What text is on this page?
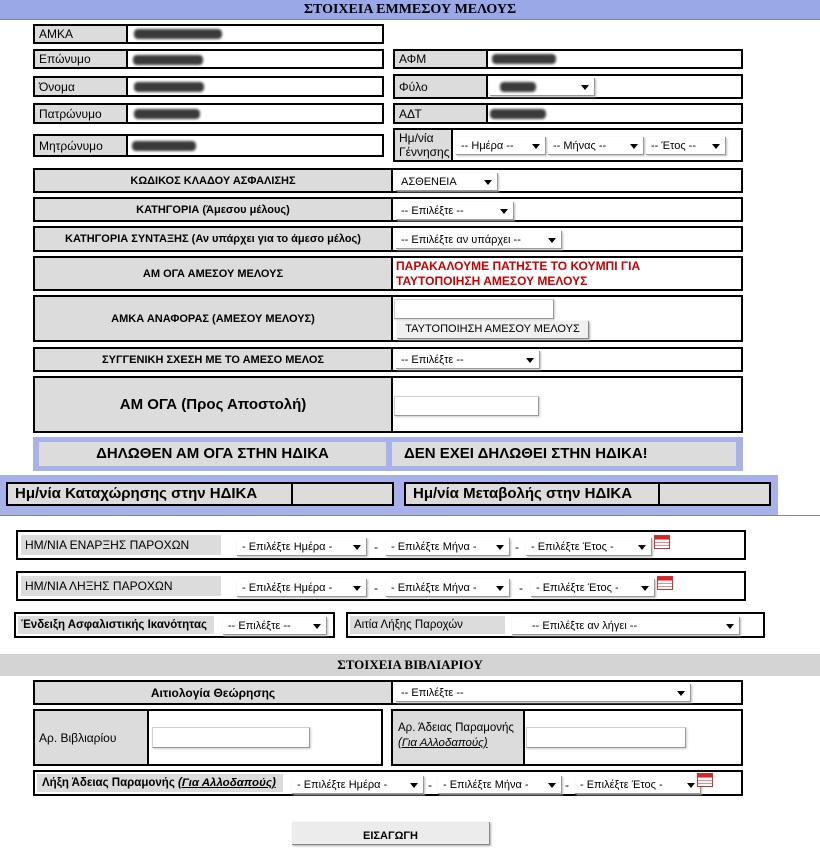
ΣΤΟΙΧΕΙΑ ΕΜΜΕΣΟΥ ΜΕΛΟΥΣ
ΑΜΚΑ
Επώνυμο	ΑΦΜ
Όνομα	Φύλο
Πατρώνυμο	ΑΔΤ
Μητρώνυμο
Ημ/νία Γέννησης	-- Ημέρα --	-- Μήνας --	-- Έτος --
ΚΩΔΙΚΟΣ ΚΛΑΔΟΥ ΑΣΦΑΛΙΣΗΣ	ΑΣΘΕΝΕΙΑ
ΚΑΤΗΓΟΡΙΑ (Άμεσου μέλους)	-- Επιλέξτε --
ΚΑΤΗΓΟΡΙΑ ΣΥΝΤΑΞΗΣ (Αν υπάρχει για το άμεσο μέλος)	-- Επιλέξτε αν υπάρχει --
ΑΜ ΟΓΑ ΑΜΕΣΟΥ ΜΕΛΟΥΣ
ΠΑΡΑΚΑΛΟΥΜΕ ΠΑΤΗΣΤΕ ΤΟ ΚΟΥΜΠΙ ΓΙΑ ΤΑΥΤΟΠΟΙΗΣΗ ΑΜΕΣΟΥ ΜΕΛΟΥΣ
ΑΜΚΑ ΑΝΑΦΟΡΑΣ (ΑΜΕΣΟΥ ΜΕΛΟΥΣ)
ΤΑΥΤΟΠΟΙΗΣΗ ΑΜΕΣΟΥ ΜΕΛΟΥΣ
ΣΥΓΓΕΝΙΚΗ ΣΧΕΣΗ ΜΕ ΤΟ ΑΜΕΣΟ ΜΕΛΟΣ	-- Επιλέξτε --
ΑΜ ΟΓΑ (Προς Αποστολή)
ΔΗΛΩΘΕΝ ΑΜ ΟΓΑ ΣΤΗΝ ΗΔΙΚΑ	ΔΕΝ ΕΧΕΙ ΔΗΛΩΘΕΙ ΣΤΗΝ ΗΔΙΚΑ!
Ημ/νία Καταχώρησης στην ΗΔΙΚΑ	Ημ/νία Μεταβολής στην ΗΔΙΚΑ
ΗΜ/ΝΙΑ ΕΝΑΡΞΗΣ ΠΑΡΟΧΩΝ	- Επιλέξτε Ημέρα -	-	- Επιλέξτε Μήνα -	-	- Επιλέξτε Έτος -
ΗΜ/ΝΙΑ ΛΗΞΗΣ ΠΑΡΟΧΩΝ	- Επιλέξτε Ημέρα -	-	- Επιλέξτε Μήνα -	-	- Επιλέξτε Έτος -
Ένδειξη Ασφαλιστικής Ικανότητας	-- Επιλέξτε --	Αιτία Λήξης Παροχών	-- Επιλέξτε αν λήγει --
ΣΤΟΙΧΕΙΑ ΒΙΒΛΙΑΡΙΟΥ
Αιτιολογία Θεώρησης	-- Επιλέξτε --
Αρ. Βιβλιαρίου
Αρ. Άδειας Παραμονής
(Για Αλλοδαπούς)
Λήξη Άδειας Παραμονής (Για Αλλοδαπούς)	- Επιλέξτε Ημέρα -	-	- Επιλέξτε Μήνα -	-	- Επιλέξτε Έτος -
ΕΙΣΑΓΩΓΗ
